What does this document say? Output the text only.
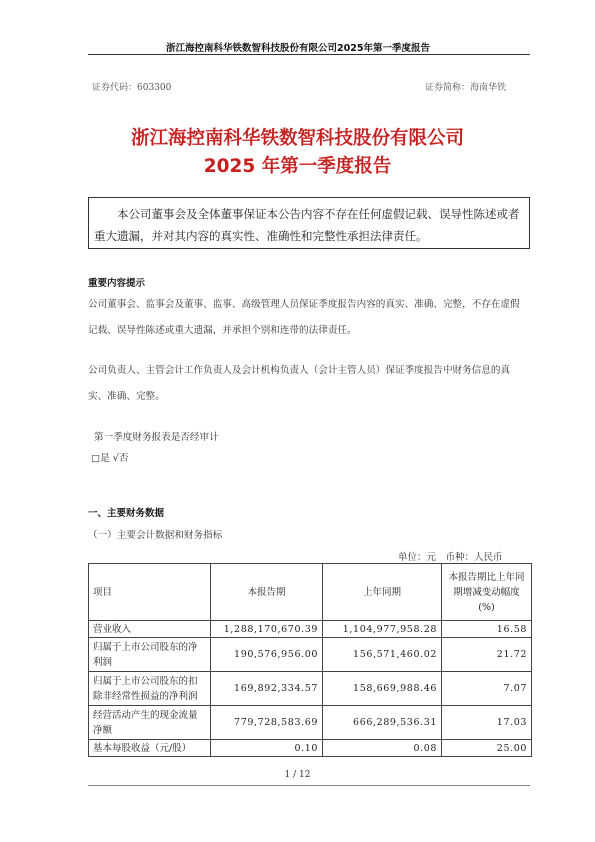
浙江海控南科华铁数智科技股份有限公司2025年第一季度报告
证券代码：603300	证券简称：海南华铁
浙江海控南科华铁数智科技股份有限公司
2025 年第一季度报告
本公司董事会及全体董事保证本公告内容不存在任何虚假记载、误导性陈述或者重大遗漏，并对其内容的真实性、准确性和完整性承担法律责任。
重要内容提示
公司董事会、监事会及董事、监事、高级管理人员保证季度报告内容的真实、准确、完整，不存在虚假记载、误导性陈述或重大遗漏，并承担个别和连带的法律责任。
公司负责人、主管会计工作负责人及会计机构负责人（会计主管人员）保证季度报告中财务信息的真实、准确、完整。
第一季度财务报表是否经审计
□是 √否
一、主要财务数据
（一）主要会计数据和财务指标
单位：元　币种：人民币
项目	本报告期	上年同期	本报告期比上年同期增减变动幅度(%)
营业收入	1,288,170,670.39	1,104,977,958.28	16.58
归属于上市公司股东的净利润	190,576,956.00	156,571,460.02	21.72
归属于上市公司股东的扣除非经常性损益的净利润	169,892,334.57	158,669,988.46	7.07
经营活动产生的现金流量净额	779,728,583.69	666,289,536.31	17.03
基本每股收益（元/股）	0.10	0.08	25.00
1 / 12
